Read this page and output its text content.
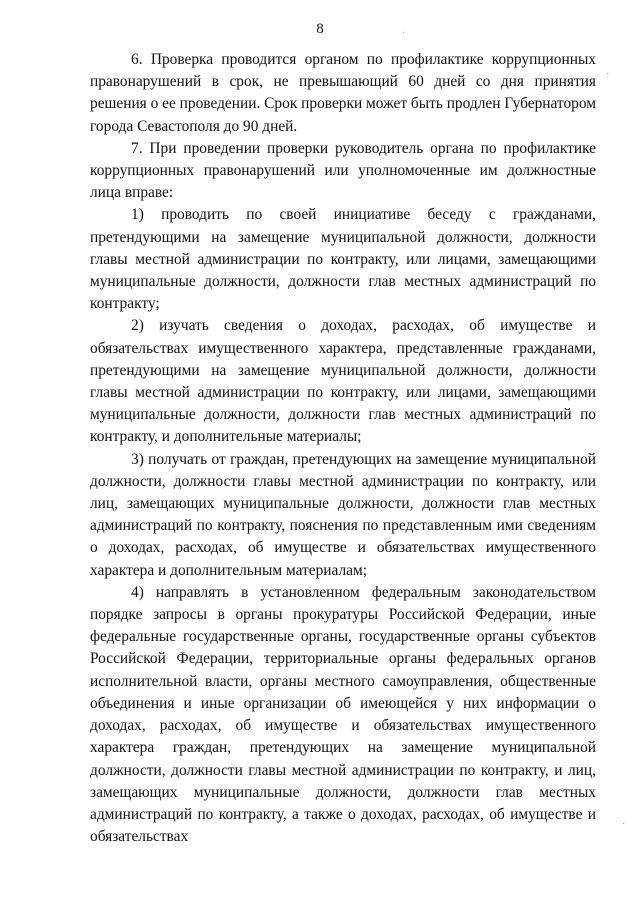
8

6. Проверка проводится органом по профилактике коррупционных правонарушений в срок, не превышающий 60 дней со дня принятия решения о ее проведении. Срок проверки может быть продлен Губернатором города Севастополя до 90 дней.

7. При проведении проверки руководитель органа по профилактике коррупционных правонарушений или уполномоченные им должностные лица вправе:

1) проводить по своей инициативе беседу с гражданами, претендующими на замещение муниципальной должности, должности главы местной администрации по контракту, или лицами, замещающими муниципальные должности, должности глав местных администраций по контракту;

2) изучать сведения о доходах, расходах, об имуществе и обязательствах имущественного характера, представленные гражданами, претендующими на замещение муниципальной должности, должности главы местной администрации по контракту, или лицами, замещающими муниципальные должности, должности глав местных администраций по контракту, и дополнительные материалы;

3) получать от граждан, претендующих на замещение муниципальной должности, должности главы местной администрации по контракту, или лиц, замещающих муниципальные должности, должности глав местных администраций по контракту, пояснения по представленным ими сведениям о доходах, расходах, об имуществе и обязательствах имущественного характера и дополнительным материалам;

4) направлять в установленном федеральным законодательством порядке запросы в органы прокуратуры Российской Федерации, иные федеральные государственные органы, государственные органы субъектов Российской Федерации, территориальные органы федеральных органов исполнительной власти, органы местного самоуправления, общественные объединения и иные организации об имеющейся у них информации о доходах, расходах, об имуществе и обязательствах имущественного характера граждан, претендующих на замещение муниципальной должности, должности главы местной администрации по контракту, и лиц, замещающих муниципальные должности, должности глав местных администраций по контракту, а также о доходах, расходах, об имуществе и обязательствах

·
·
·
